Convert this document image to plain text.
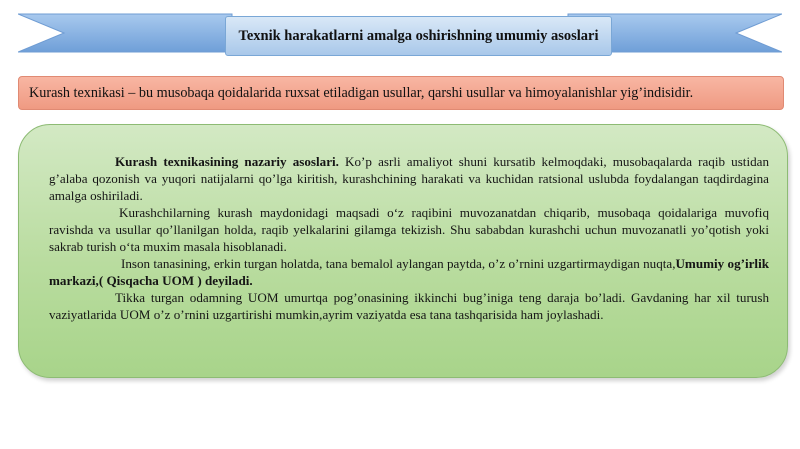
Texnik harakatlarni amalga oshirishning umumiy asoslari
Kurash texnikasi – bu musobaqa qoidalarida ruxsat etiladigan usullar, qarshi usullar va himoyalanishlar yig’indisidir.

Kurash texnikasining nazariy asoslari. Ko’p asrli amaliyot shuni kursatib kelmoqdaki, musobaqalarda raqib ustidan g’alaba qozonish va yuqori natijalarni qo’lga kiritish, kurashchining harakati va kuchidan ratsional uslubda foydalangan taqdirdagina amalga oshiriladi.

Kurashchilarning kurash maydonidagi maqsadi o‘z raqibini muvozanatdan chiqarib, musobaqa qoidalariga muvofiq ravishda va usullar qo’llanilgan holda, raqib yelkalarini gilamga tekizish. Shu sababdan kurashchi uchun muvozanatli yo’qotish yoki sakrab turish o‘ta muxim masala hisoblanadi.

Inson tanasining, erkin turgan holatda, tana bemalol aylangan paytda, o’z o’rnini uzgartirmaydigan nuqta,Umumiy og’irlik markazi,( Qisqacha UOM ) deyiladi.

Tikka turgan odamning UOM umurtqa pog’onasining ikkinchi bug’iniga teng daraja bo’ladi. Gavdaning har xil turush vaziyatlarida UOM o’z o’rnini uzgartirishi mumkin,ayrim vaziyatda esa tana tashqarisida ham joylashadi.
